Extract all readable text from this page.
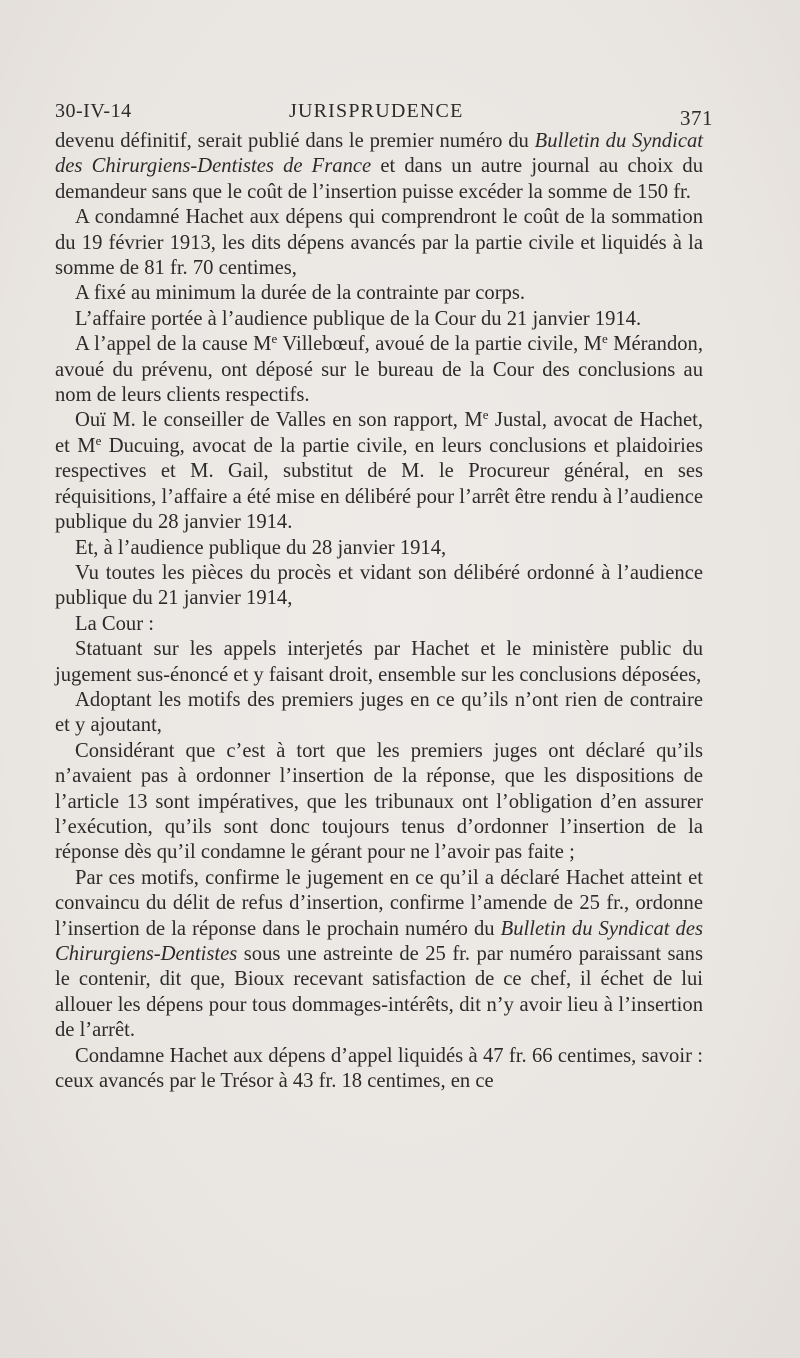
30-IV-14	JURISPRUDENCE	371

devenu définitif, serait publié dans le premier numéro du Bulletin du Syndicat des Chirurgiens-Dentistes de France et dans un autre journal au choix du demandeur sans que le coût de l’insertion puisse excéder la somme de 150 fr.

A condamné Hachet aux dépens qui comprendront le coût de la sommation du 19 février 1913, les dits dépens avancés par la partie civile et liquidés à la somme de 81 fr. 70 centimes,

A fixé au minimum la durée de la contrainte par corps.

L’affaire portée à l’audience publique de la Cour du 21 janvier 1914.

A l’appel de la cause Me Villebœuf, avoué de la partie civile, Me Mérandon, avoué du prévenu, ont déposé sur le bureau de la Cour des conclusions au nom de leurs clients respectifs.

Ouï M. le conseiller de Valles en son rapport, Me Justal, avocat de Hachet, et Me Ducuing, avocat de la partie civile, en leurs conclusions et plaidoiries respectives et M. Gail, substitut de M. le Procureur général, en ses réquisitions, l’affaire a été mise en délibéré pour l’arrêt être rendu à l’audience publique du 28 janvier 1914.

Et, à l’audience publique du 28 janvier 1914,

Vu toutes les pièces du procès et vidant son délibéré ordonné à l’audience publique du 21 janvier 1914,

La Cour :

Statuant sur les appels interjetés par Hachet et le ministère public du jugement sus-énoncé et y faisant droit, ensemble sur les conclusions déposées,

Adoptant les motifs des premiers juges en ce qu’ils n’ont rien de contraire et y ajoutant,

Considérant que c’est à tort que les premiers juges ont déclaré qu’ils n’avaient pas à ordonner l’insertion de la réponse, que les dispositions de l’article 13 sont impératives, que les tribunaux ont l’obligation d’en assurer l’exécution, qu’ils sont donc toujours tenus d’ordonner l’insertion de la réponse dès qu’il condamne le gérant pour ne l’avoir pas faite ;

Par ces motifs, confirme le jugement en ce qu’il a déclaré Hachet atteint et convaincu du délit de refus d’insertion, confirme l’amende de 25 fr., ordonne l’insertion de la réponse dans le prochain numéro du Bulletin du Syndicat des Chirurgiens-Dentistes sous une astreinte de 25 fr. par numéro paraissant sans le contenir, dit que, Bioux recevant satisfaction de ce chef, il échet de lui allouer les dépens pour tous dommages-intérêts, dit n’y avoir lieu à l’insertion de l’arrêt.

Condamne Hachet aux dépens d’appel liquidés à 47 fr. 66 centimes, savoir : ceux avancés par le Trésor à 43 fr. 18 centimes, en ce
